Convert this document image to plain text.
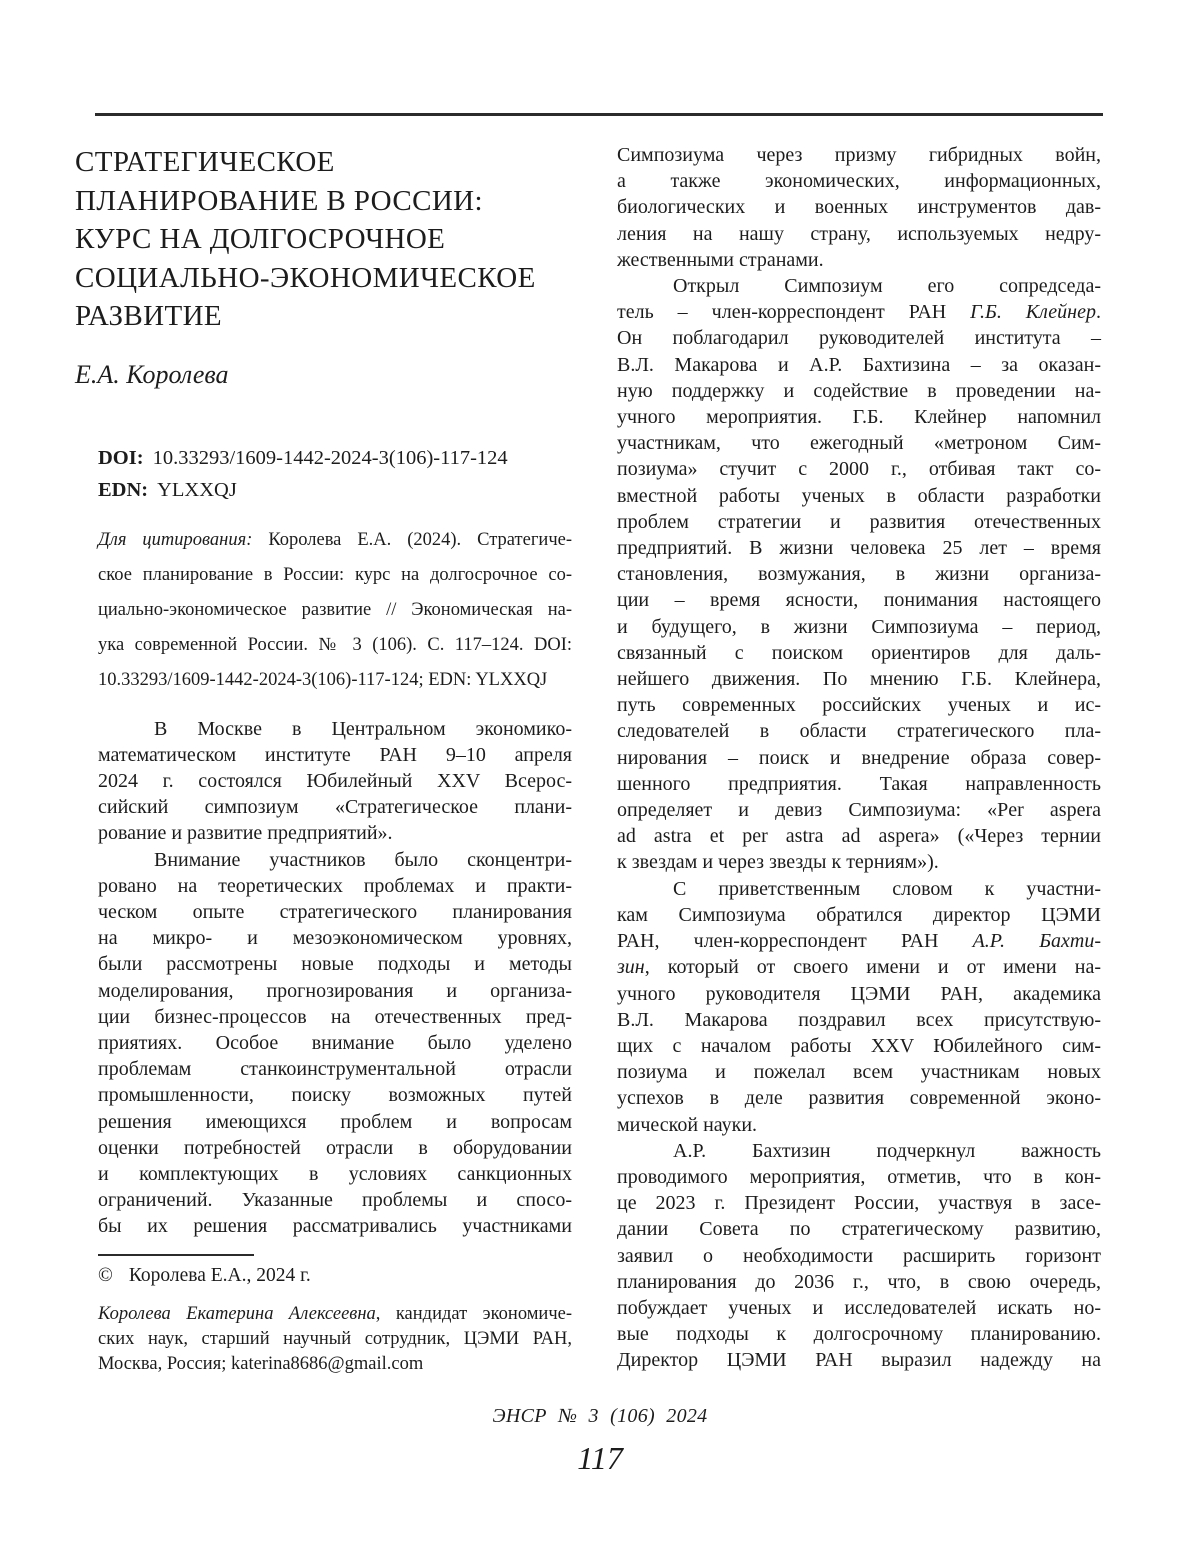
СТРАТЕГИЧЕСКОЕ
ПЛАНИРОВАНИЕ В РОССИИ:
КУРС НА ДОЛГОСРОЧНОЕ
СОЦИАЛЬНО-ЭКОНОМИЧЕСКОЕ
РАЗВИТИЕ
Е.А. Королева
DOI: 10.33293/1609-1442-2024-3(106)-117-124
EDN: YLXXQJ
Для цитирования: Королева Е.А. (2024). Стратегиче-
ское планирование в России: курс на долгосрочное со-
циально-экономическое развитие // Экономическая на-
ука современной России. № 3 (106). С. 117–124. DOI:
10.33293/1609-1442-2024-3(106)-117-124; EDN: YLXXQJ
В Москве в Центральном экономико-
математическом институте РАН 9–10 апреля
2024 г. состоялся Юбилейный XXV Всерос-
сийский симпозиум «Стратегическое плани-
рование и развитие предприятий».
Внимание участников было сконцентри-
ровано на теоретических проблемах и практи-
ческом опыте стратегического планирования
на микро- и мезоэкономическом уровнях,
были рассмотрены новые подходы и методы
моделирования, прогнозирования и организа-
ции бизнес-процессов на отечественных пред-
приятиях. Особое внимание было уделено
проблемам станкоинструментальной отрасли
промышленности, поиску возможных путей
решения имеющихся проблем и вопросам
оценки потребностей отрасли в оборудовании
и комплектующих в условиях санкционных
ограничений. Указанные проблемы и спосо-
бы их решения рассматривались участниками
© Королева Е.А., 2024 г.
Королева Екатерина Алексеевна, кандидат экономиче-
ских наук, старший научный сотрудник, ЦЭМИ РАН,
Москва, Россия; katerina8686@gmail.com
Симпозиума через призму гибридных войн,
а также экономических, информационных,
биологических и военных инструментов дав-
ления на нашу страну, используемых недру-
жественными странами.
Открыл Симпозиум его сопредседа-
тель – член-корреспондент РАН Г.Б. Клейнер.
Он поблагодарил руководителей института –
В.Л. Макарова и А.Р. Бахтизина – за оказан-
ную поддержку и содействие в проведении на-
учного мероприятия. Г.Б. Клейнер напомнил
участникам, что ежегодный «метроном Сим-
позиума» стучит с 2000 г., отбивая такт со-
вместной работы ученых в области разработки
проблем стратегии и развития отечественных
предприятий. В жизни человека 25 лет – время
становления, возмужания, в жизни организа-
ции – время ясности, понимания настоящего
и будущего, в жизни Симпозиума – период,
связанный с поиском ориентиров для даль-
нейшего движения. По мнению Г.Б. Клейнера,
путь современных российских ученых и ис-
следователей в области стратегического пла-
нирования – поиск и внедрение образа совер-
шенного предприятия. Такая направленность
определяет и девиз Симпозиума: «Per aspera
ad astra et per astra ad aspera» («Через тернии
к звездам и через звезды к терниям»).
С приветственным словом к участни-
кам Симпозиума обратился директор ЦЭМИ
РАН, член-корреспондент РАН А.Р. Бахти-
зин, который от своего имени и от имени на-
учного руководителя ЦЭМИ РАН, академика
В.Л. Макарова поздравил всех присутствую-
щих с началом работы XXV Юбилейного сим-
позиума и пожелал всем участникам новых
успехов в деле развития современной эконо-
мической науки.
А.Р. Бахтизин подчеркнул важность
проводимого мероприятия, отметив, что в кон-
це 2023 г. Президент России, участвуя в засе-
дании Совета по стратегическому развитию,
заявил о необходимости расширить горизонт
планирования до 2036 г., что, в свою очередь,
побуждает ученых и исследователей искать но-
вые подходы к долгосрочному планированию.
Директор ЦЭМИ РАН выразил надежду на
ЭНСР № 3 (106) 2024
117
